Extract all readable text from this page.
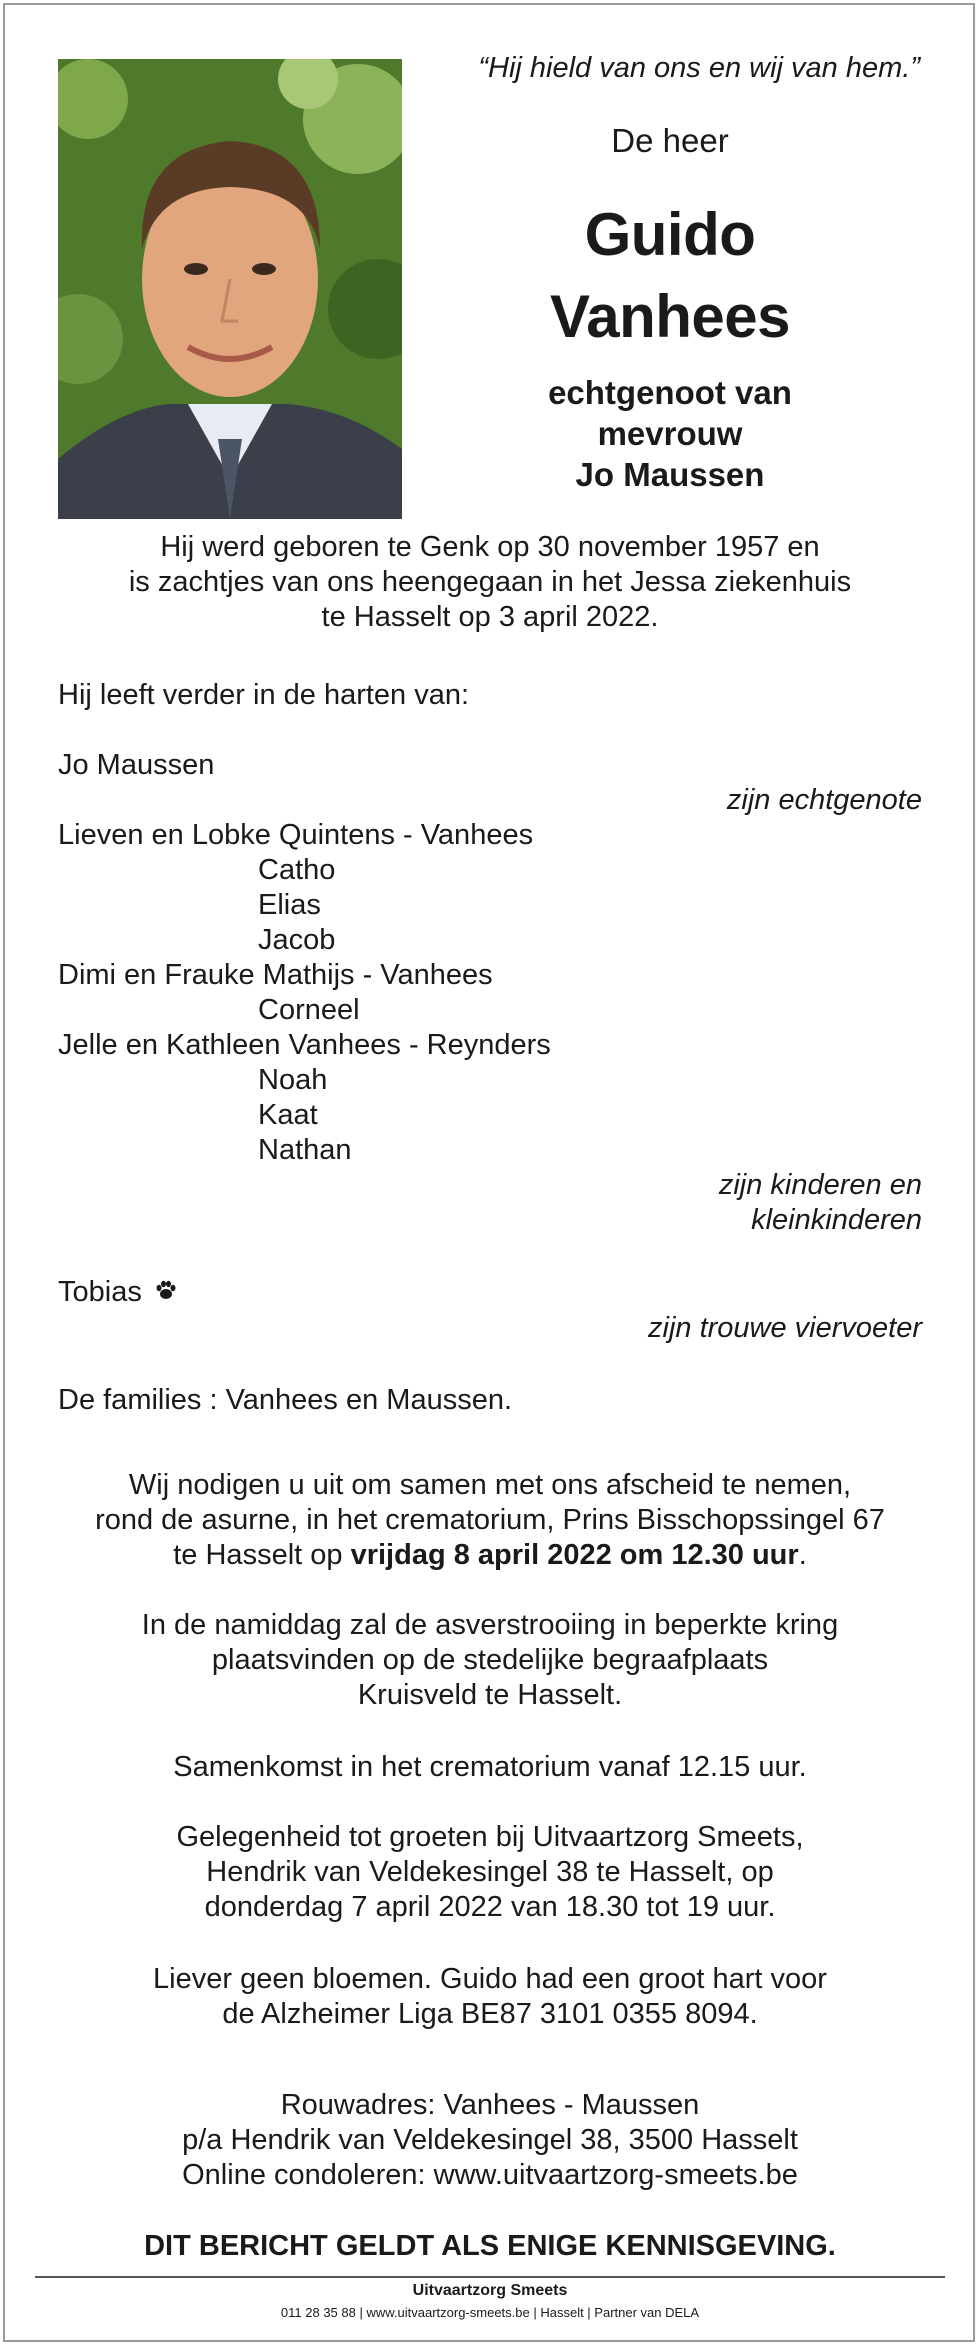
“Hij hield van ons en wij van hem.”
De heer
Guido
Vanhees
echtgenoot van
mevrouw
Jo Maussen
Hij werd geboren te Genk op 30 november 1957 en
is zachtjes van ons heengegaan in het Jessa ziekenhuis
te Hasselt op 3 april 2022.
Hij leeft verder in de harten van:
Jo Maussen
zijn echtgenote
Lieven en Lobke Quintens - Vanhees
Catho
Elias
Jacob
Dimi en Frauke Mathijs - Vanhees
Corneel
Jelle en Kathleen Vanhees - Reynders
Noah
Kaat
Nathan
zijn kinderen en
kleinkinderen
Tobias
zijn trouwe viervoeter
De families : Vanhees en Maussen.
Wij nodigen u uit om samen met ons afscheid te nemen,
rond de asurne, in het crematorium, Prins Bisschopssingel 67
te Hasselt op vrijdag 8 april 2022 om 12.30 uur.
In de namiddag zal de asverstrooiing in beperkte kring
plaatsvinden op de stedelijke begraafplaats
Kruisveld te Hasselt.
Samenkomst in het crematorium vanaf 12.15 uur.
Gelegenheid tot groeten bij Uitvaartzorg Smeets,
Hendrik van Veldekesingel 38 te Hasselt, op
donderdag 7 april 2022 van 18.30 tot 19 uur.
Liever geen bloemen. Guido had een groot hart voor
de Alzheimer Liga BE87 3101 0355 8094.
Rouwadres: Vanhees - Maussen
p/a Hendrik van Veldekesingel 38, 3500 Hasselt
Online condoleren: www.uitvaartzorg-smeets.be
DIT BERICHT GELDT ALS ENIGE KENNISGEVING.
Uitvaartzorg Smeets
011 28 35 88 | www.uitvaartzorg-smeets.be | Hasselt | Partner van DELA
